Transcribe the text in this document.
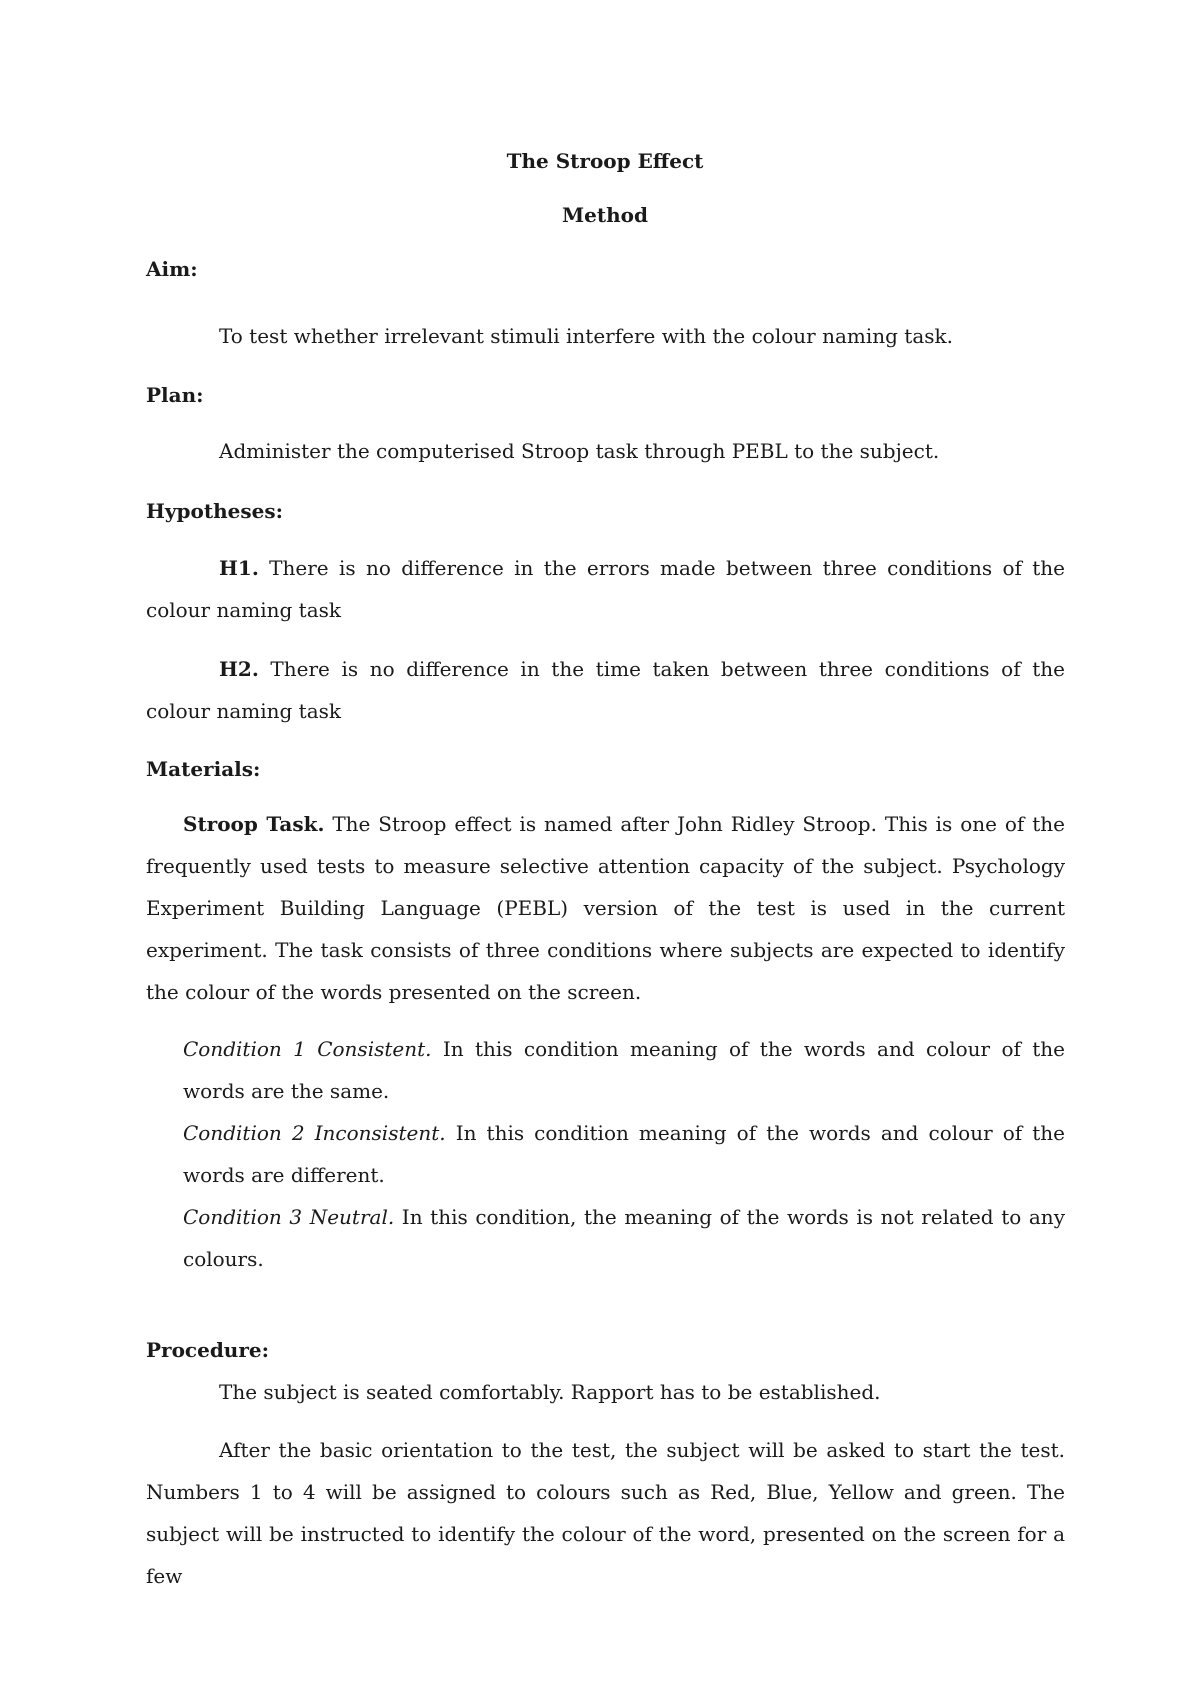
The Stroop Effect
Method
Aim:
To test whether irrelevant stimuli interfere with the colour naming task.
Plan:
Administer the computerised Stroop task through PEBL to the subject.
Hypotheses:
H1. There is no difference in the errors made between three conditions of the colour naming task
H2. There is no difference in the time taken between three conditions of the colour naming task
Materials:
Stroop Task. The Stroop effect is named after John Ridley Stroop. This is one of the frequently used tests to measure selective attention capacity of the subject. Psychology Experiment Building Language (PEBL) version of the test is used in the current experiment. The task consists of three conditions where subjects are expected to identify the colour of the words presented on the screen.
Condition 1 Consistent. In this condition meaning of the words and colour of the words are the same.
Condition 2 Inconsistent. In this condition meaning of the words and colour of the words are different.
Condition 3 Neutral. In this condition, the meaning of the words is not related to any colours.
Procedure:
The subject is seated comfortably. Rapport has to be established.
After the basic orientation to the test, the subject will be asked to start the test. Numbers 1 to 4 will be assigned to colours such as Red, Blue, Yellow and green. The subject will be instructed to identify the colour of the word, presented on the screen for a few
